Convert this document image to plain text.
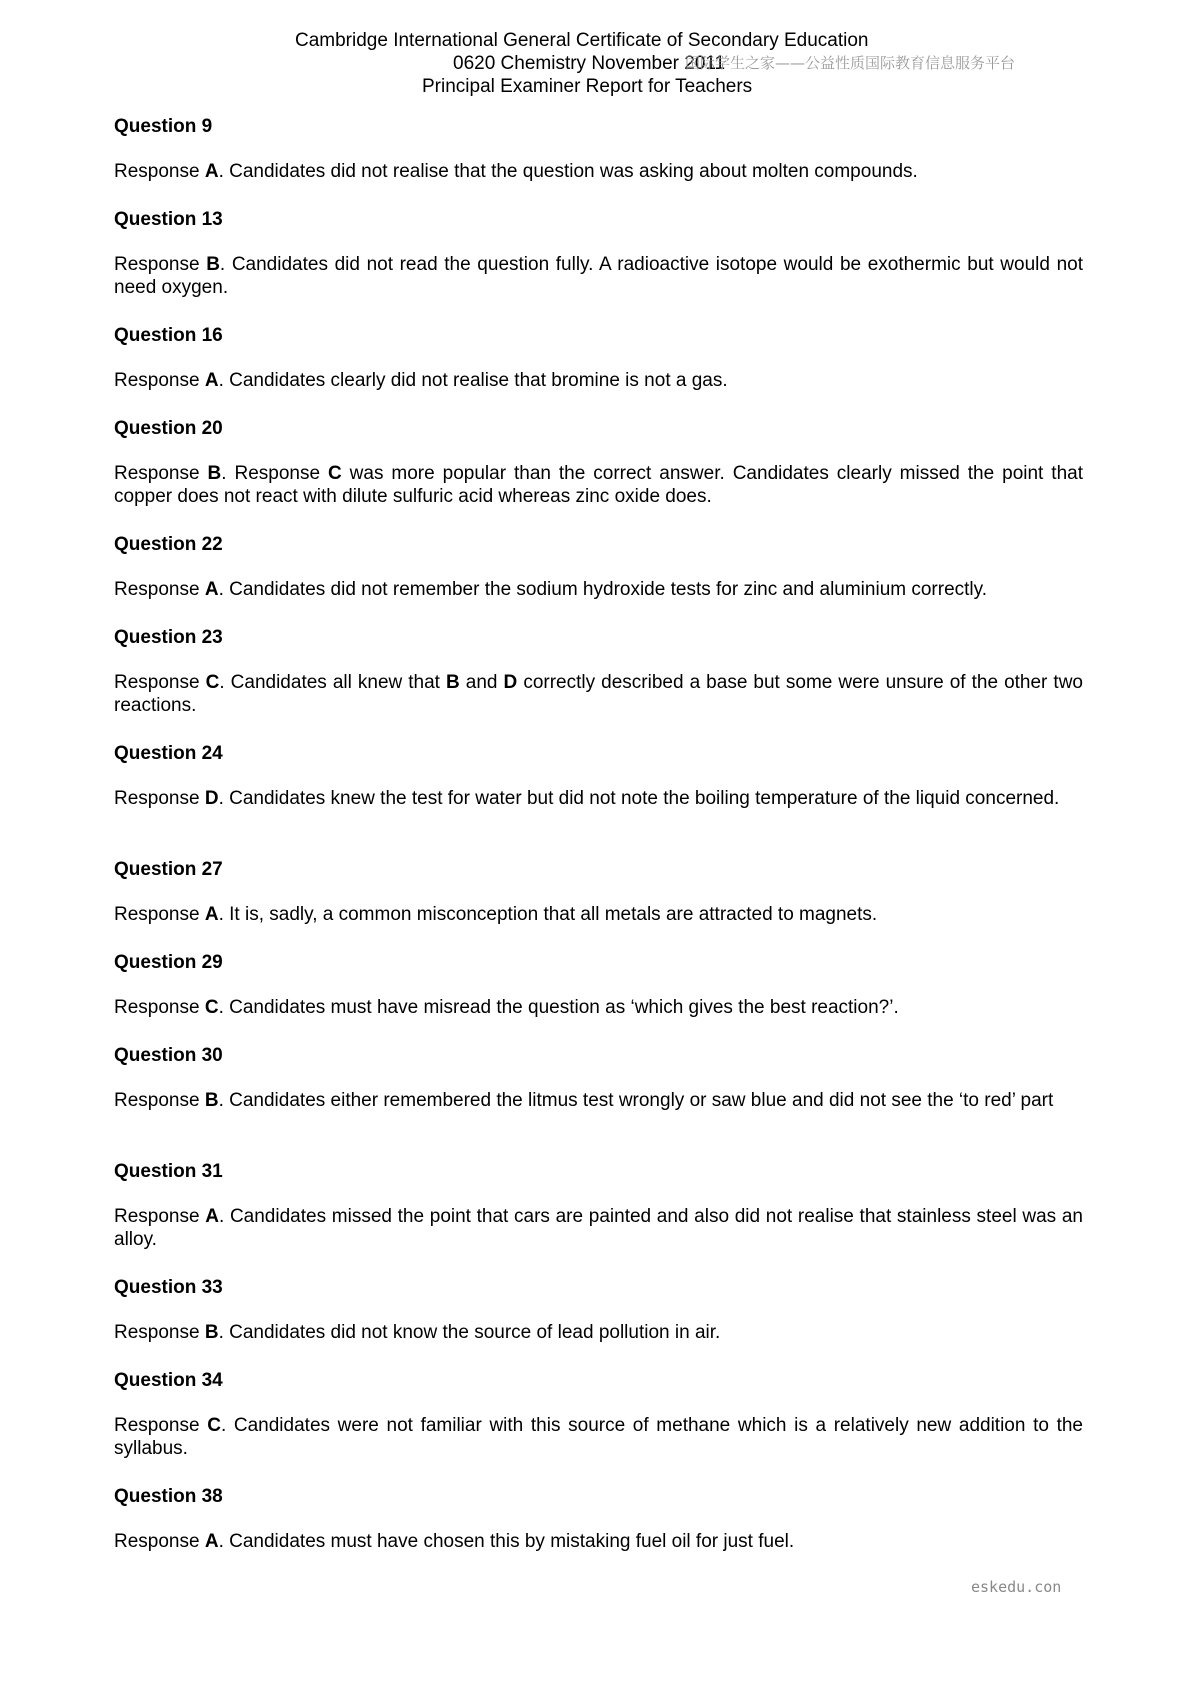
Cambridge International General Certificate of Secondary Education
0620 Chemistry November 2011
Principal Examiner Report for Teachers
国际学生之家——公益性质国际教育信息服务平台
Question 9
Response A. Candidates did not realise that the question was asking about molten compounds.
Question 13
Response B. Candidates did not read the question fully. A radioactive isotope would be exothermic but would not need oxygen.
Question 16
Response A. Candidates clearly did not realise that bromine is not a gas.
Question 20
Response B. Response C was more popular than the correct answer. Candidates clearly missed the point that copper does not react with dilute sulfuric acid whereas zinc oxide does.
Question 22
Response A. Candidates did not remember the sodium hydroxide tests for zinc and aluminium correctly.
Question 23
Response C. Candidates all knew that B and D correctly described a base but some were unsure of the other two reactions.
Question 24
Response D. Candidates knew the test for water but did not note the boiling temperature of the liquid concerned.
Question 27
Response A. It is, sadly, a common misconception that all metals are attracted to magnets.
Question 29
Response C. Candidates must have misread the question as ‘which gives the best reaction?’.
Question 30
Response B. Candidates either remembered the litmus test wrongly or saw blue and did not see the ‘to red’ part
Question 31
Response A. Candidates missed the point that cars are painted and also did not realise that stainless steel was an alloy.
Question 33
Response B. Candidates did not know the source of lead pollution in air.
Question 34
Response C. Candidates were not familiar with this source of methane which is a relatively new addition to the syllabus.
Question 38
Response A. Candidates must have chosen this by mistaking fuel oil for just fuel.
eskedu.con
